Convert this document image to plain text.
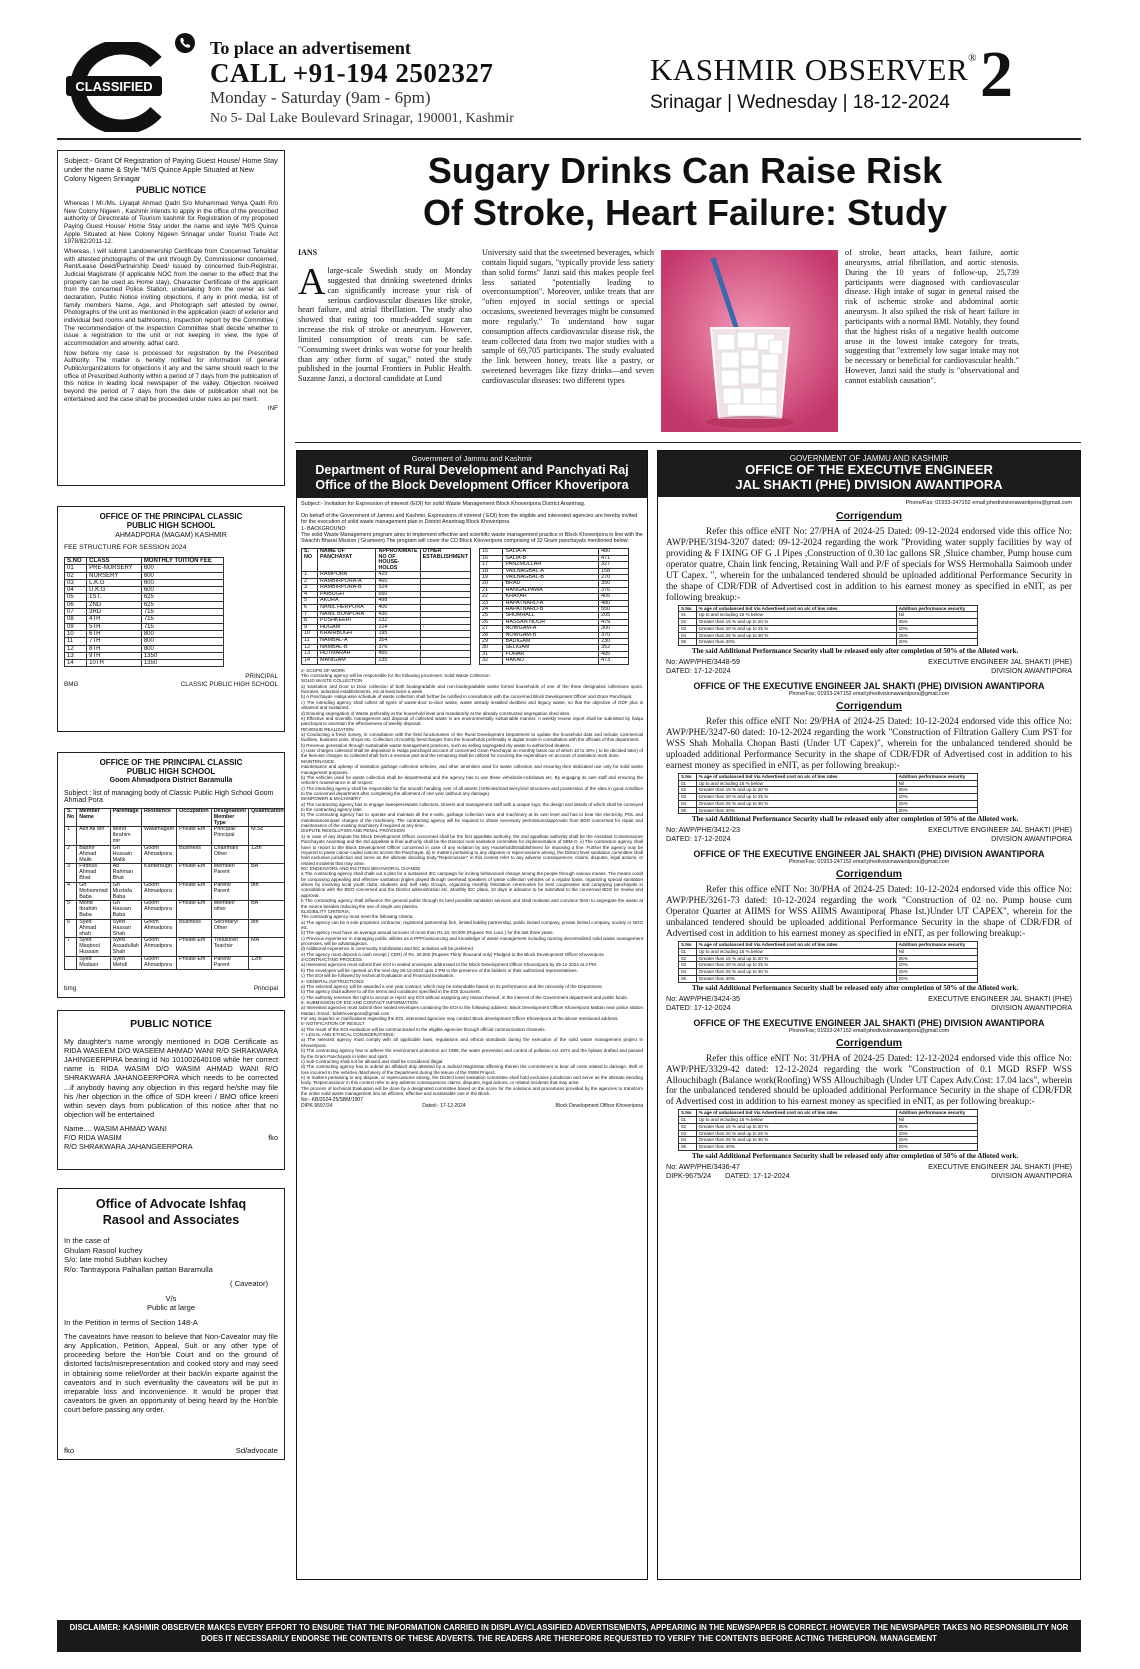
CLASSIFIED
To place an advertisement
CALL +91-194 2502327
Monday - Saturday (9am - 6pm)
No 5- Dal Lake Boulevard Srinagar, 190001, Kashmir
KASHMIR OBSERVER®
Srinagar | Wednesday | 18-12-2024 2
Subject:- Grant Of Registration of Paying Guest House/ Home Stay under the name & Style "M/S Quince Apple Situated at New Colony Nigeen Srinagar
PUBLIC NOTICE
Whereas I Mr./Ms. Liyaqat Ahmad Qadri S/o Mohammad Yehya Qadri R/o New Colony Nigeen , Kashmir intends to apply in the office of the prescribed authority of Directorate of Tourism kashmir for Registration of my proposed Paying Guest House/ Home Stay under the name and style "M/S Quince Apple Situated at New Colony Nigeen Srinagar under Tourist Trade Act 1978/82/2011-12.
Whereas, I will submit Landownership Certificate from Concerned Tehsildar with attested photographs of the unit through Dy. Commissioner concerned, Rent/Lease Deed/Partnership Deed/ issued by concerned Sub-Registrar, Judicial Magistrate (if applicable NOC from the owner to the effect that the property can be used as Home stay), Character Certificate of the applicant from the concerned Police Station, undertaking from the owner as self declaration, Public Notice inviting objections, if any in print media, list of family members Name, Age, and Photograph self attested by owner, Photographs of the unit as mentioned in the application (each of exterior and individual bed rooms and bathrooms), Inspection report by the Committee ( The recommendation of the inspection Committee shall decide whether to issue a registration to the unit or not keeping in view, the type of accommodation and amenity, adhar card.
Now before my case is processed for registration by the Prescribed Authority. The matter is hereby notified for information of general Public/organizations for objections if any and the same should reach to the office of Prescribed Authority within a period of 7 days from the publication of this notice in leading local newspaper of the valley. Objection received beyond the period of 7 days from the date of publication shall not be entertained and the case shall be proceeded under rules as per merit.
INF
OFFICE OF THE PRINCIPAL CLASSIC PUBLIC HIGH SCHOOL
AHMADPORA (MAGAM) KASHMIR
FEE STRUCTURE FOR SESSION 2024
S.NO	CLASS	MONTHLY TUITION FEE
01	PRE-NURSERY	600
02	NURSERY	600
03	L.K.G	600
04	U.K.G	600
05	1ST.	625
06	2ND	625
07	3RD	715
08	4TH	715
09	5TH	715
10	6TH	800
11	7TH	800
12	8TH	800
13	9TH	1350
14	10TH	1350
PRINCIPAL
BMG	CLASSIC PUBLIC HIGH SCHOOL
OFFICE OF THE PRINCIPAL CLASSIC PUBLIC HIGH SCHOOL
Goom Ahmadpora District Baramulla
Subject : list of managing body of Classic Public High School Goom Ahmad Pora
S. No	Member Name	Parentage	Residence	Occupation	Designation/ Member Type	Qualification
1	Asif Ali Mir	Mohd Ibrahim mir	Walamagam	Private Em	Principal/ Principal	M.Sc
2	Bashir Ahmad Malik	Gh Hussain Malik	Goom Ahmadpora	Business	Chairman/ Other	12th
3	Firdous Ahmad Bhat	Ab Rahman Bhat	Kanterbugh	Private Em	Member/ Parent	BA
4	Gh Mohammad Baba	Gh Mustafa Baba	Goom Ahmadpora	Private Em	Parent/ Parent	8th
5	Mohd Ibrahim Baba	Gh Hassan Baba	Goom Ahmadpora	Private Em	Member/ other	BA
6	Syed Ahmad shah	Syed Hassan Shah	Goom Ahmadpora	Business	Secretary/ Other	8th
7	Syed Maqbool Hussain	Syed Assadullah Shah	Goom Ahmadpora	Private Em	Treasurer/ Teacher	MA
	Syed Mudasir	Syed Mehdi	Goom Ahmadpora	Private Em	Parent/ Parent	12th
bmg	Principal
PUBLIC NOTICE
My daughter's name wrongly mentioned in DOB Certificate as RIDA WASEEM D/O WASEEM AHMAD WANI R/O SHRAKWARA JAHINGEERPIRA bearing id No 101002640108 while her correct name is RIDA WASIM D/O WASIM AHMAD WANI R/O SHRAKWARA JAHANGEERPORA which needs to be corrected ...if anybody having any objection in this regard he/she may file his /her objection in the office of SDH kreeri / BMO office kreeri within seven days from publication of this notice after that no objection will be entertained
Name.... WASIM AHMAD WANI
F/O RIDA WASIM	fko
R/O SHRAKWARA JAHANGEERPORA
Office of Advocate Ishfaq Rasool and Associates
In the case of
Ghulam Rasool kuchey
S/o: late mohd Subhan kuchey
R/o: Tantraypora Palhallan pattan Baramulla
( Caveator)
V/s
Public at large
In the Petition in terms of Section 148-A
The caveators have reason to believe that Non-Caveator may file any Application, Petition, Appeal, Suit or any other type of proceeding before the Hon'ble Court and on the ground of distorted facts/misrepresentation and cooked story and may seed in obtaining some relief/order at their back/in exparte against the caveators and in such eventuality the caveators will be put in irreparable loss and inconvenience. It would be proper that caveators be given an opportunity of being heard by the Hon'ble court before passing any order.
fko	Sd/advocate
Sugary Drinks Can Raise Risk
Of Stroke, Heart Failure: Study
IANS
Alarge-scale Swedish study on Monday suggested that drinking sweetened drinks can significantly increase your risk of serious cardiovascular diseases like stroke, heart failure, and atrial fibrillation. The study also showed that eating too much-added sugar can increase the risk of stroke or aneurysm. However, limited consumption of treats can be safe. "Consuming sweet drinks was worse for your health than any other form of sugar," noted the study published in the journal Frontiers in Public Health. Suzanne Janzi, a doctoral candidate at Lund
University said that the sweetened beverages, which contain liquid sugars, "typically provide less satiety than solid forms" Janzi said this makes people feel less satiated "potentially leading to overconsumption". Moreover, unlike treats that are "often enjoyed in social settings or special occasions, sweetened beverages might be consumed more regularly." To understand how sugar consumption affects cardiovascular disease risk, the team collected data from two major studies with a sample of 69,705 participants. The study evaluated the link between honey, treats like a pastry, or sweetened beverages like fizzy drinks—and seven cardiovascular diseases: two different types
of stroke, heart attacks, heart failure, aortic aneurysms, atrial fibrillation, and aortic stenosis. During the 10 years of follow-up, 25,739 participants were diagnosed with cardiovascular disease. High intake of sugar in general raised the risk of ischemic stroke and abdominal aortic aneurysm. It also spiked the risk of heart failure in participants with a normal BMI. Notably, they found that the highest risks of a negative health outcome arose in the lowest intake category for treats, suggesting that "extremely low sugar intake may not be necessary or beneficial for cardiovascular health." However, Janzi said the study is "observational and cannot establish causation".
Government of Jammu and Kashmir
Department of Rural Development and Panchyati Raj
Office of the Block Development Officer Khoveripora
Subject:- Invitation for Expression of interest (EOI) for solid Waste Management Block Khoveripora District Anantnag.
On behalf of the Government of Jammu and Kashmir, Expressions of interest ( EOI) from the eligible and interested agencies are hereby invited for the execution of solid waste management plan in District Anantnag Block Khoveripora
1- BACKGROUND:
The solid Waste Management program aims to implement effective and scientific waste management practice in Block Khoveripora in line with the Swachh Bharat Mission ( Grameen).The program will cover the CD Block Khoveripora comprising of 32 Gram panchayats mentioned below:
S. NO	NAME OF PANCHAYAT	APPROXIMATE NO OF HOUSE-HOLDS	OTHER ESTABLISHMENT
1	RAMPORA	425	
2	RAMBIRPORA-A	460	
3	RAMBIRPORA-B	524	
4	PAIBUGH	650	
5	AKURA	498	
6	NANIL HERPORA	400	
7	NANIL BONPORA	430	
8	PUSHKEERI	232	
9	HUGAM	224	-
10	KHAIRBUGH	195	
11	NAMBAL-A	354	
12	NAMBAL-B	376	
13	HUTMARAH	450	
14	MANIGAM	235	
15	SALIA-A	480
16	SALIA-B	471
17	PANZMULLAH	327
18	VAILNAGBAL-A	158
19	VAILNAGBAL-B	270
20	BRAD	350
21	HANGALPAWA	376
22	KHAYAR	405
23	HAPATNARD-A	480
24	HAPATNARD-B	550
25	SHUMHALL	205
26	HASSAN NOOR	479
27	NOWGAM-A	300
28	NOWGAM-B	370
29	BADIGAM	230
30	SELIGAM	352
31	FOHAR	495
32	HAKAD	473
2- SCOPE OF WORK
The contracting agency will be responsible for the following processes: Solid Waste Collection
SOLID WASTE COLLECTION
a) Sanitation and Door to Door collection of both biodegradable and non-biodegradable waste formal households of one of the three designated collections spots, factories, industrial establishments, etc.at least twice a week.
b) A Panchayat- Halqa-wise schedule of waste collection shall further be notified in consultation with the concerned Block Development Officer and Gram Panchayat.
c) The intending agency shall collect all types of waste-door to-door waste, waste already installed dustbins and legacy waste, so that the objective of ODF plus is obtained and sustained.
d) Ensuring segregation of Waste preferably at the household level and mandatorily at the already constructed segregation shed sites.
e) Effective and scientific management and disposal of collected waste in am environmentally sustainable manner. A weekly review report shall be submitted by halqa panchayat to ascertain the effectiveness of weekly disposal.
REVENUE REALIZATION
a) Conducting a fresh survey, in consultation with the field functionaries of the Rural Development Department to update the household data and include commercial facilities, business units, shops etc. Collection of monthly fees/charges from the households preferably in digital mode in consultation with the officials of this department.
b) Revenue generation through sustainable waste management practices, such as selling segregated dry waste to authorized dealers.
c) User charges collected shall be deposited in Halqa panchayat account of concerned Gram Panchayat on monthly basis out of which 10 to 40% ( to be decided later) of the fee/user charges so collected shall form a revenue part and the remaining shall be utilized for incurring the expenditure on account of sanitation work done.
MAINTENANCE
maintenance and upkeep of sanitation garbage collection vehicles, and other amenities used for waste collection and ensuring their dedicated use only for solid waste management purposes.
b) The vehicles used for waste collection shall be departmental and the agency has to use these vehicles/e-rickshaws etc. By engaging its own staff and ensuring the vehicle's maintenance in all respect.
c) The intending agency shall be responsible for the smooth handling over of all assets (Vehicles/machinery/civil structures and possession of the sites in good condition to the concerned department after completing the allotment of one year (without any damage).
MANPOWER & MACHINERY
a) The contracting agency has to engage sweepers/waste collectors, Drivers and management staff with a unique logo, the design and details of which shall be conveyed to the contracting agency later.
b) The contracting agency has to operate and maintain all the e-carts, garbage collection vans and machinery at its own level and has to bear the electricity, POL and maintenance/repair charges of the machinery. The contracting agency will be required to obtain necessary permissions/approvals from BDO concerned for repair and maintenance of the existing machinery if required at any time.
DISPUTE RESOLUTION AND PENAL PROVISION
1) In case of any dispute the Block Development Officer concerned shall be the first appellate authority, the 2nd appellate authority shall be the Assistant Commissioner Panchayats Anantnag and the 3rd appellate & final authority shall be the Director rural sanitation committee for implementation of SBM-G. ii) The contraction agency shall have to report to the Block Development Officer concerned in case of any violation by any Household/Establishment for imposing a fine. Further the agency may be required to paste colour-coded notices across the Panchayat. iii) In matters pertaining to any disputes or repercussions arising, the District level sanitation committee shall hold exclusive jurisdiction and serve as the ultimate deciding body."Repercussion" in this context refer to any adverse consequences, claims, disputes, legal actions, or related incidents that may arise.
IEC ENDEAVORS AND INCITING BEHAVIORAL CHANGE
a The contracting agency shall chalk out a plan for a sustained IEC campaign for inciting behavioural change among the people through various means. The means could be composing appealing and effective sanitation jingles played through overhead speakers of waste collection vehicles on a regular basis, organizing special sanitation drives by involving local youth clubs, students and Self Help Groups, organizing monthly felicitation ceremonies for best cooperative and complying panchayats in consultation with the BDO concerned and the District administration etc. Monthly IEC plans, 10 days in advance to be submitted to the concerned BDO for review and approval.
b The contracting agency shall influence the general public through its best possible sanitation services and shall motivate and convince them to segregate the waste at the source besides reducing the use of single use plastics.
ELIGIBILITY CRITERIA:
The contracting agency must meet the following criteria:
a) The agency can be a sole proprietor contractor, registered partnership firm, limited liability partnership, public limited company, private limited company, society or NGO etc.
b) The agency must have an average annual turnover of more than Rs.10, 00,000 (Rupees Ten Lacs ) for the last three years.
c) Previous experience in managing public utilities as a PPP/outsourcing and knowledge of waste management including running decentralized solid waste management processes, will be advantageous.
d) Additional experience in community mobilization and IEC activities will be preferred.
e) The agency must deposit a cash receipt ( CDR) of Rs. 30,000 (Rupees Thirty thousand only) Pledged to the Block Development Officer Khoveripora
3-CONTRACTING PROCESS
a) Interested agencies must submit their EOI in sealed envelopes addressed to the Block Development Officer Khoveripora by 25-12-2024 at 3 PM.
b) The envelopes will be opened on the next day 28-12-2024 upto 2 PM in the presence of the bidders or their authorized representatives.
c) The EOI will be followed by technical Evaluation and Financial Evaluation.
4- GENERAL INSTRUCTIONS:
a) The selected agency will be awarded a one year contract, which may be extendable based on its performance and the necessity of the Department.
b) The agency shall adhere to all the terms and conditions specified in the EOI document.
c) The authority reserves the right to accept or reject any EOI without assigning any reason thereof, in the interest of the Government department and public funds.
5- SUBMISSION OF EOI AND CONTACT INFORMATION
a) Interested agencies must submit their sealed envelopes containing the EOI to the following address: Block Development Officer Khoveripora Mattan near police station Mattan. Email.: bdokhoveripora@gmail.com
For any inquiries or clarifications regarding the EOI, interested agencies may contact Block development Officer Khoveripora at the above mentioned address.
6- NOTIFICATION OF RESULT
a) The result of the EOI evaluation will be communicated to the eligible agencies through official communication channels.
7- LEGAL AND ETHICAL CONSIDERATIONS:
a) The selected agency must comply with all applicable laws, regulations and ethical standards during the execution of the solid waste management project in Khoveripora
b) The contracting agency has to adhere the environment protection act 1986, the water prevention and control of pollution Act 1974 and the bylaws drafted and passed by the Gram Panchayats in letter and spirit.
c) Sub-Contracting shall not be allowed and shall be considered illegal.
d) The contracting agency has to submit an affidavit duly attested by a Judicial Magistrate affirming therein the commitment to bear all costs related to damage, theft or loss incurred to the vehicles /Machinery of the Department during the tenure of the SWM Project.
e) In matters pertaining to any dispute, or repercussions arising, the District level sanitation committee shall hold exclusive jurisdiction and serve as the ultimate deciding body. 'Repercussions' in this context refer to any adverse consequences claims, disputes, legal actions, or related incidents that may arise.
The process of technical Evaluation will be done by a designated committee based on the score for the solutions and procedures provided by the agencies to transform the entire solid waste management into an efficient, effective and sustainable one in the Block.
No:- KB/2024-25/SBM/1907
DIPK-9597/24	Dated:- 17-12-2024	Block Development Officer Khoveripora
GOVERNMENT OF JAMMU AND KASHMIR
OFFICE OF THE EXECUTIVE ENGINEER
JAL SHAKTI (PHE) DIVISION AWANTIPORA
Phone/Fax; 01933-247152 email;phedivisionawantipora@gmail.com
Corrigendum
Refer this office eNIT No: 27/PHA of 2024-25 Dated: 09-12-2024 endorsed vide this office No: AWP/PHE/3194-3207 dated: 09-12-2024 regarding the work "Providing water supply facilities by way of providing & F IXING OF G .I Pipes ,Construction of 0.30 lac gallons SR ,Sluice chamber, Pump house cum operator quatre, Chain link fencing, Retaining Wall and P/F of specials for WSS Hermohalla Saimooh under UT Capex. ", wherein for the unbalanced tendered should be uploaded additional Performance Security in the shape of CDR/FDR of Advertised cost in addition to his earnest money as specified in eNIT, as per following breakup:-
S.No	% age of unbalanced bid Via Advertised cost on a/c of low rates	Addition performance security
01	Up to and including 15 % below	Nil
02	Greater than 15 % and up to 20 %	05%
03	Greater than 20 % and up to 25 %	10%
04	Greater than 25 % and up to 30 %	15%
05	Greater than 30%	20%
The said Additional Performance Security shall be released only after completion of 50% of the Alloted work.
No: AWP/PHE/3448-59	EXECUTIVE ENGINEER JAL SHAKTI (PHE)
DATED: 17-12-2024	DIVISION AWANTIPORA
OFFICE OF THE EXECUTIVE ENGINEER JAL SHAKTI (PHE) DIVISION AWANTIPORA
Phone/Fax; 01933-247152 email;phedivisionawantipora@gmail.com
Corrigendum
Refer this office eNIT No: 29/PHA of 2024-25 Dated: 10-12-2024 endorsed vide this office No: AWP/PHE/3247-60 dated: 10-12-2024 regarding the work "Construction of Filtration Gallery Cum PST for WSS Shah Mohalla Chopan Basti (Under UT Capex)", wherein for the unbalanced tendered should be uploaded additional Performance Security in the shape of CDR/FDR of Advertised cost in addition to his earnest money as specified in eNIT, as per following breakup:-
S.No	% age of unbalanced bid Via Advertised cost on a/c of low rates	Addition performance security
01	Up to and including 15 % below	Nil
02	Greater than 15 % and up to 20 %	05%
03	Greater than 20 % and up to 25 %	10%
04	Greater than 25 % and up to 30 %	15%
05	Greater than 30%	20%
The said Additional Performance Security shall be released only after completion of 50% of the Alloted work.
No: AWP/PHE/3412-23	EXECUTIVE ENGINEER JAL SHAKTI (PHE)
DATED: 17-12-2024	DIVISION AWANTIPORA
OFFICE OF THE EXECUTIVE ENGINEER JAL SHAKTI (PHE) DIVISION AWANTIPORA
Phone/Fax; 01933-247152 email;phedivisionawantipora@gmail.com
Corrigendum
Refer this office eNIT No: 30/PHA of 2024-25 Dated: 10-12-2024 endorsed vide this office No: AWP/PHE/3261-73 dated: 10-12-2024 regarding the work "Construction of 02 no. Pump house cum Operator Quarter at AIIMS for WSS AIIMS Awantipora( Phase Ist.)Under UT CAPEX", wherein for the unbalanced tendered should be uploaded additional Performance Security in the shape of CDR/FDR of Advertised cost in addition to his earnest money as specified in eNIT, as per following breakup:-
S.No	% age of unbalanced bid Via Advertised cost on a/c of low rates	Addition performance security
01	Up to and including 15 % below	Nil
02	Greater than 15 % and up to 20 %	05%
03	Greater than 20 % and up to 25 %	10%
04	Greater than 25 % and up to 30 %	15%
05	Greater than 30%	20%
The said Additional Performance Security shall be released only after completion of 50% of the Alloted work.
No: AWP/PHE/3424-35	EXECUTIVE ENGINEER JAL SHAKTI (PHE)
DATED: 17-12-2024	DIVISION AWANTIPORA
OFFICE OF THE EXECUTIVE ENGINEER JAL SHAKTI (PHE) DIVISION AWANTIPORA
Phone/Fax; 01933-247152 email;phedivisionawantipora@gmail.com
Corrigendum
Refer this office eNIT No: 31/PHA of 2024-25 Dated: 12-12-2024 endorsed vide this office No: AWP/PHE/3329-42 dated: 12-12-2024 regarding the work "Construction of 0.1 MGD RSFP WSS Allouchibagh (Balance work(Roofing) WSS Allouchibagh (Under UT Capex Adv.Cost: 17.04 lacs", wherein for the unbalanced tendered should be uploaded additional Performance Security in the shape of CDR/FDR of Advertised cost in addition to his earnest money as specified in eNIT, as per following breakup:-
S.No	% age of unbalanced bid Via Advertised cost on a/c of low rates	Addition performance security
01	Up to and including 15 % below	Nil
02	Greater than 15 % and up to 20 %	05%
03	Greater than 20 % and up to 25 %	10%
04	Greater than 25 % and up to 30 %	15%
05	Greater than 30%	20%
The said Additional Performance Security shall be released only after completion of 50% of the Alloted work.
No: AWP/PHE/3436-47	EXECUTIVE ENGINEER JAL SHAKTI (PHE)
DIPK-9675/24 DATED: 17-12-2024	DIVISION AWANTIPORA
DISCLAIMER: KASHMIR OBSERVER MAKES EVERY EFFORT TO ENSURE THAT THE INFORMATION CARRIED IN DISPLAY/CLASSIFIED ADVERTISEMENTS, APPEARING IN THE NEWSPAPER IS CORRECT. HOWEVER THE NEWSPAPER TAKES NO RESPONSIBILITY NOR DOES IT NECESSARILY ENDORSE THE CONTENTS OF THESE ADVERTS. THE READERS ARE THEREFORE REQUESTED TO VERIFY THE CONTENTS BEFORE ACTING THEREUPON. MANAGEMENT
